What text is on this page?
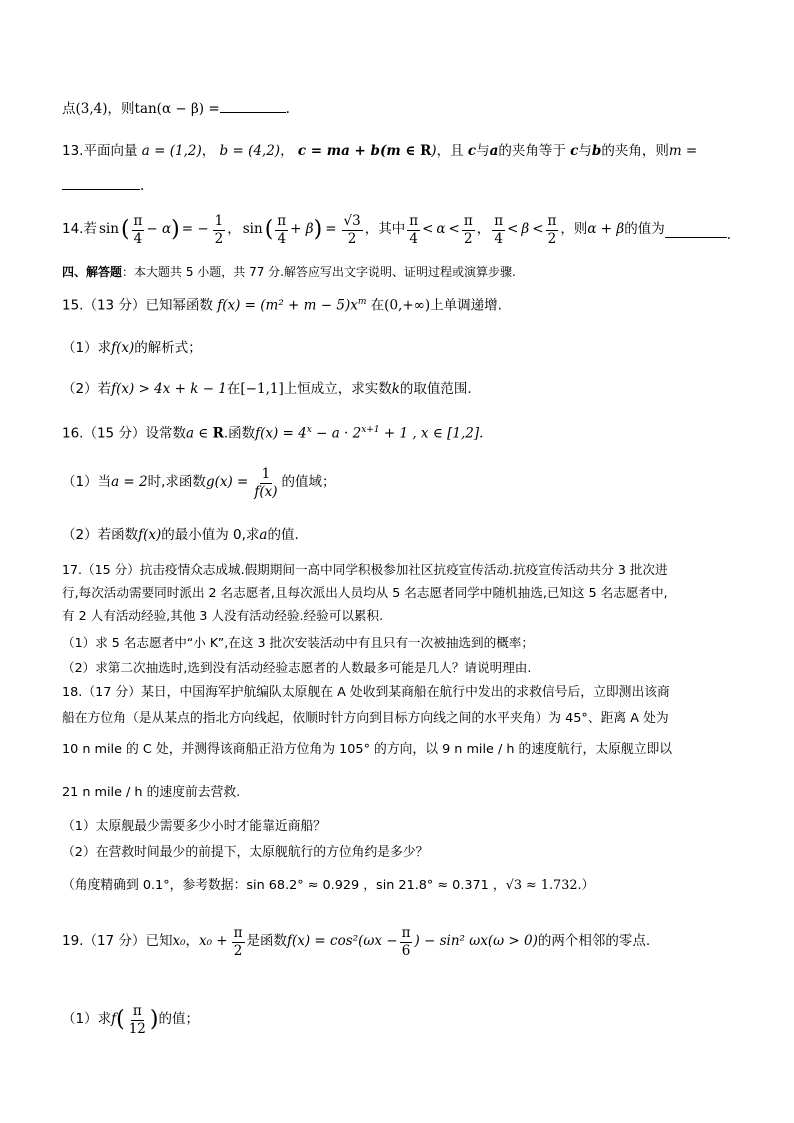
点(3,4)，则tan(α − β) =	.
13.平面向量 a = (1,2)， b = (4,2)， c = ma + b(m ∈ R)，且 c与a的夹角等于 c与b的夹角，则m =
.
14.若 sin ( $\frac{\pi}{4} - \alpha$ ) = − $\frac{1}{2}$ ， sin ( $\frac{\pi}{4} + \beta$ ) = $\frac{√3}{2}$ ，其中 $\frac{\pi}{4} < \alpha < \frac{\pi}{2}$ ， $\frac{\pi}{4} < \beta < \frac{\pi}{2}$ ，则 α + β 的值为	.
四、解答题：本大题共 5 小题，共 77 分.解答应写出文字说明、证明过程或演算步骤.
15.（13 分）已知幂函数 $f(x) = (m^2 + m - 5)x^m$ 在(0,+∞)上单调递增.
（1）求f(x)的解析式；
（2）若f(x) > 4x + k − 1在[−1,1]上恒成立，求实数k的取值范围.
16.（15 分）设常数a ∈ R.函数$f(x) = 4^x - a \cdot 2^{x+1} + 1$ , x ∈ [1,2].
（1）当 a = 2 时,求函数 $g(x) = \frac{1}{f(x)}$ 的值域；
（2）若函数f(x)的最小值为 0,求a的值.
17.（15 分）抗击疫情众志成城.假期期间一高中同学积极参加社区抗疫宣传活动.抗疫宣传活动共分 3 批次进
行,每次活动需要同时派出 2 名志愿者,且每次派出人员均从 5 名志愿者同学中随机抽选,已知这 5 名志愿者中,
有 2 人有活动经验,其他 3 人没有活动经验.经验可以累积.
（1）求 5 名志愿者中“小 K”,在这 3 批次安装活动中有且只有一次被抽选到的概率；
（2）求第二次抽选时,选到没有活动经验志愿者的人数最多可能是几人？请说明理由.
18.（17 分）某日，中国海军护航编队太原舰在 A 处收到某商船在航行中发出的求救信号后，立即测出该商
船在方位角（是从某点的指北方向线起，依顺时针方向到目标方向线之间的水平夹角）为 45°、距离 A 处为
10 n mile 的 C 处，并测得该商船正沿方位角为 105° 的方向，以 9 n mile / h 的速度航行，太原舰立即以
21 n mile / h 的速度前去营救.
（1）太原舰最少需要多少小时才能靠近商船？
（2）在营救时间最少的前提下，太原舰航行的方位角约是多少？
（角度精确到 0.1°，参考数据：sin 68.2° ≈ 0.929 ，sin 21.8° ≈ 0.371 ，√3 ≈ 1.732.）
19.（17 分）已知 x₀ ， $x_0 + \frac{\pi}{2}$ 是函数 $f(x) = \cos^2(\omega x - \frac{\pi}{6}$ ) − sin² ωx(ω > 0) 的两个相邻的零点.
（1）求 f ( $\frac{\pi}{12}$ ) 的值；
